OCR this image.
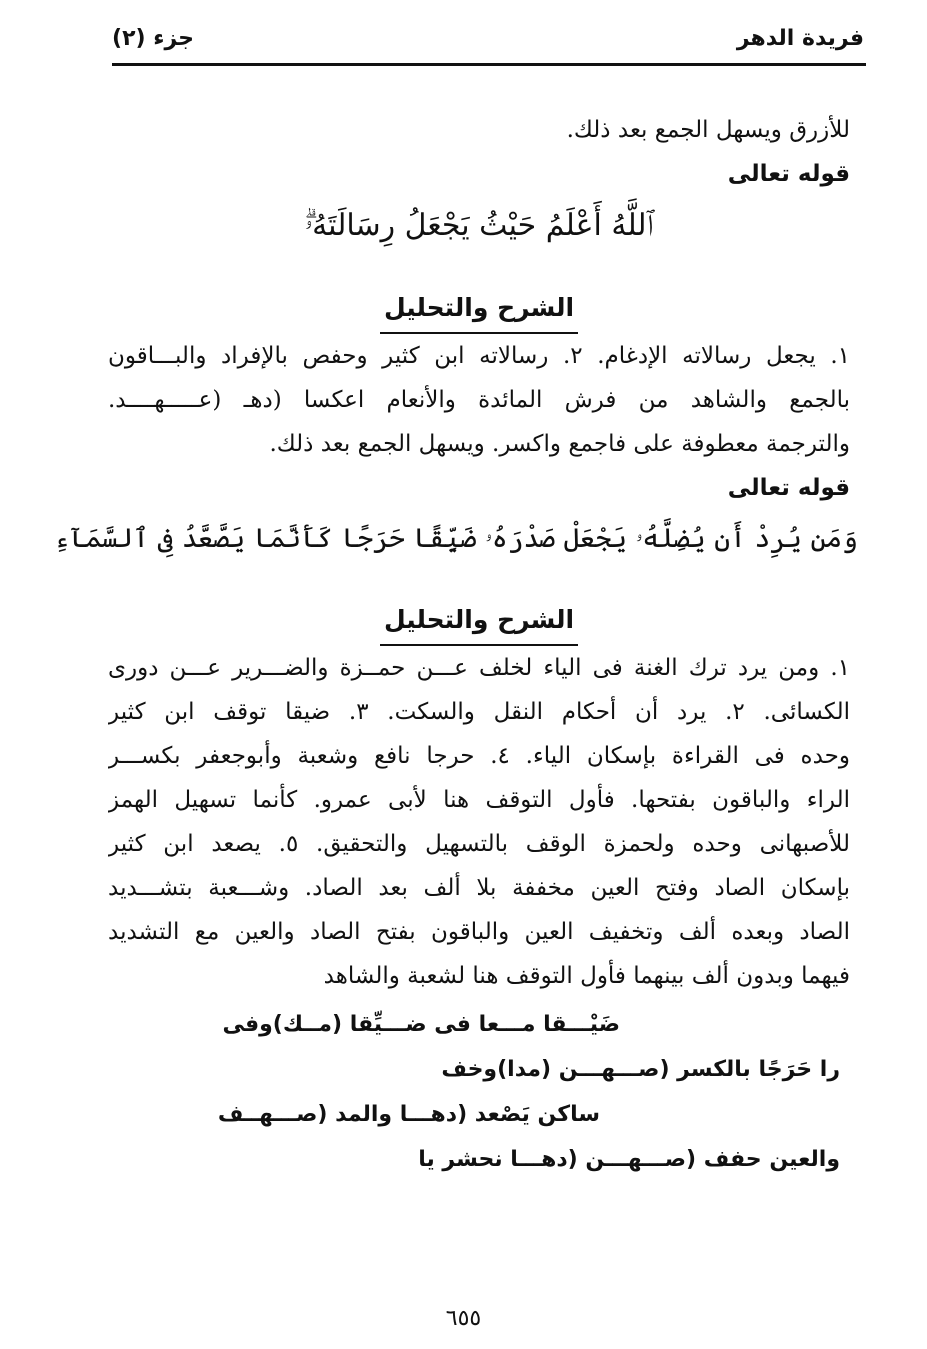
فريدة الدهر
جزء (٢)
للأزرق ويسهل الجمع بعد ذلك.
قوله تعالى
ٱللَّهُ أَعْلَمُ حَيْثُ يَجْعَلُ رِسَالَتَهُۥۗ
الشرح والتحليل
١. يجعل رسالاته الإدغام. ٢. رسالاته ابن كثير وحفص بالإفراد والبـــاقون
بالجمع والشاهد من فرش المائدة والأنعام اعكسا (دهـ (عـــــهــــد.
والترجمة معطوفة على فاجمع واكسر. ويسهل الجمع بعد ذلك.
قوله تعالى
وَمَن يُرِدْ أَن يُضِلَّهُۥ يَجْعَلْ صَدْرَهُۥ ضَيِّقًا حَرَجًا كَأَنَّمَا يَصَّعَّدُ فِى ٱلسَّمَآءِ
الشرح والتحليل
١. ومن يرد ترك الغنة فى الياء لخلف عـــن حمــزة والضـــرير عـــن دورى
الكسائى. ٢. يرد أن أحكام النقل والسكت. ٣. ضيقا توقف ابن كثير
وحده فى القراءة بإسكان الياء. ٤. حرجا نافع وشعبة وأبوجعفر بكســـر
الراء والباقون بفتحها. فأول التوقف هنا لأبى عمرو. كأنما تسهيل الهمز
للأصبهانى وحده ولحمزة الوقف بالتسهيل والتحقيق. ٥. يصعد ابن كثير
بإسكان الصاد وفتح العين مخففة بلا ألف بعد الصاد. وشـــعبة بتشـــديد
الصاد وبعده ألف وتخفيف العين والباقون بفتح الصاد والعين مع التشديد
فيهما وبدون ألف بينهما فأول التوقف هنا لشعبة والشاهد
ضَيْـــقا مـــعا فى ضـــيِّقا (مــك)وفى
را حَرَجًا بالكسر (صـــهـــن (مدا)وخف
ساكن يَصْعد (دهـــا والمد (صـــهــف
والعين حفف (صـــهـــن (دهـــا نحشر يا
٦٥٥
